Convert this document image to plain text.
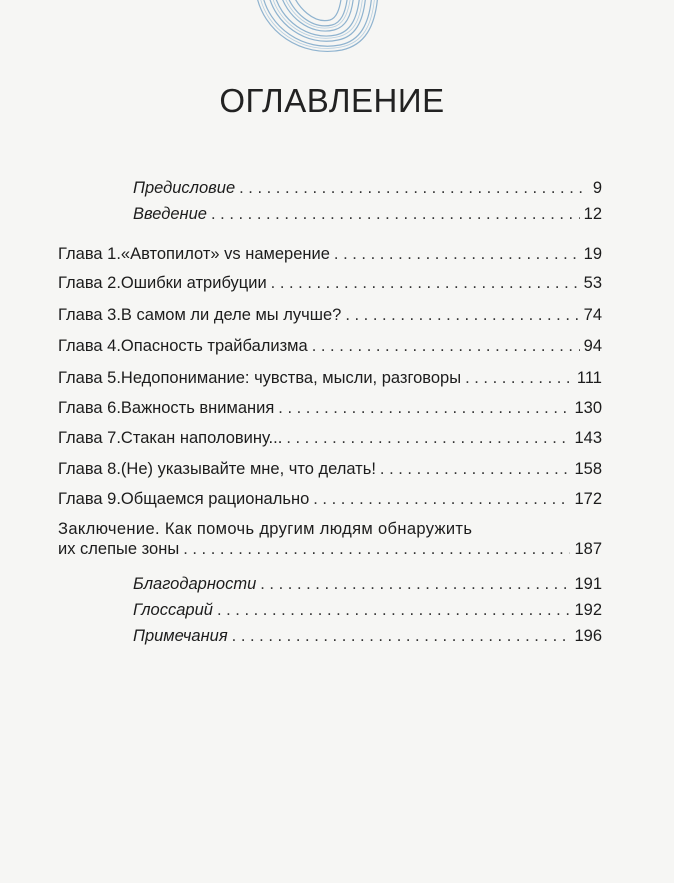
ОГЛАВЛЕНИЕ
Предисловие . . .	9
Введение . . .	12
Глава 1. «Автопилот» vs намерение . . .	19
Глава 2. Ошибки атрибуции . . .	53
Глава 3. В самом ли деле мы лучше? . . .	74
Глава 4. Опасность трайбализма . . .	94
Глава 5. Недопонимание: чувства, мысли, разговоры . . .	111
Глава 6. Важность внимания . . .	130
Глава 7. Стакан наполовину... . . .	143
Глава 8. (Не) указывайте мне, что делать! . . .	158
Глава 9. Общаемся рационально . . .	172
Заключение. Как помочь другим людям обнаружить
их слепые зоны . . .	187
Благодарности . . .	191
Глоссарий . . .	192
Примечания . . .	196
